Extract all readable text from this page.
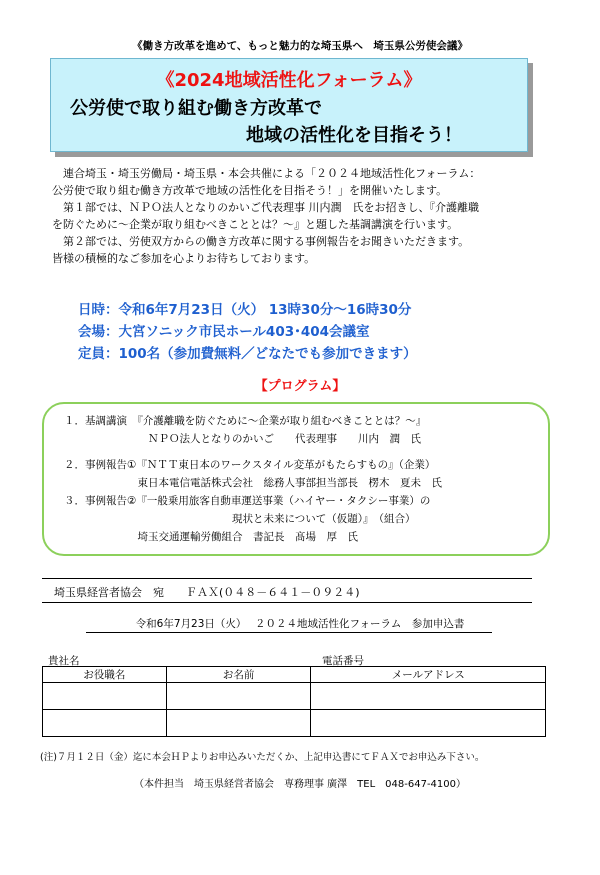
《働き方改革を進めて、もっと魅力的な埼玉県へ　埼玉県公労使会議》
《2024地域活性化フォーラム》
公労使で取り組む働き方改革で
地域の活性化を目指そう！

　連合埼玉・埼玉労働局・埼玉県・本会共催による「２０２４地域活性化フォーラム：

公労使で取り組む働き方改革で地域の活性化を目指そう！」を開催いたします。

　第１部では、ＮＰＯ法人となりのかいご代表理事 川内潤　氏をお招きし、『介護離職

を防ぐために～企業が取り組むべきこととは？～』と題した基調講演を行います。

　第２部では、労使双方からの働き方改革に関する事例報告をお聞きいただきます。

皆様の積極的なご参加を心よりお待ちしております。

日時：令和6年7月23日（火） 13時30分～16時30分
会場：大宮ソニック市民ホール403･404会議室
定員：100名（参加費無料／どなたでも参加できます）
【プログラム】
１．基調講演　『介護離職を防ぐために～企業が取り組むべきこととは？～』
　　　　　　　　ＮＰＯ法人となりのかいご　　代表理事　　川内　潤　氏
２．事例報告①『ＮＴＴ東日本のワークスタイル変革がもたらすもの』（企業）
　　　　　　　東日本電信電話株式会社　総務人事部担当部長　楞木　夏未　氏
３．事例報告②『一般乗用旅客自動車運送事業（ハイヤー・タクシー事業）の
　　　　　　　　　　　　　　　　現状と未来について（仮題）』　（組合）
　　　　　　　埼玉交通運輸労働組合　書記長　髙場　厚　氏
埼玉県経営者協会　宛　　ＦＡＸ(０４８－６４１－０９２４)
令和6年7月23日（火）　 ２０２４地域活性化フォーラム　参加申込書
貴社名	電話番号
お役職名	お名前	メールアドレス

(注)７月１２日（金）迄に本会ＨＰよりお申込みいただくか、上記申込書にてＦＡＸでお申込み下さい。
（本件担当　埼玉県経営者協会　専務理事 廣澤　TEL　048-647-4100）
